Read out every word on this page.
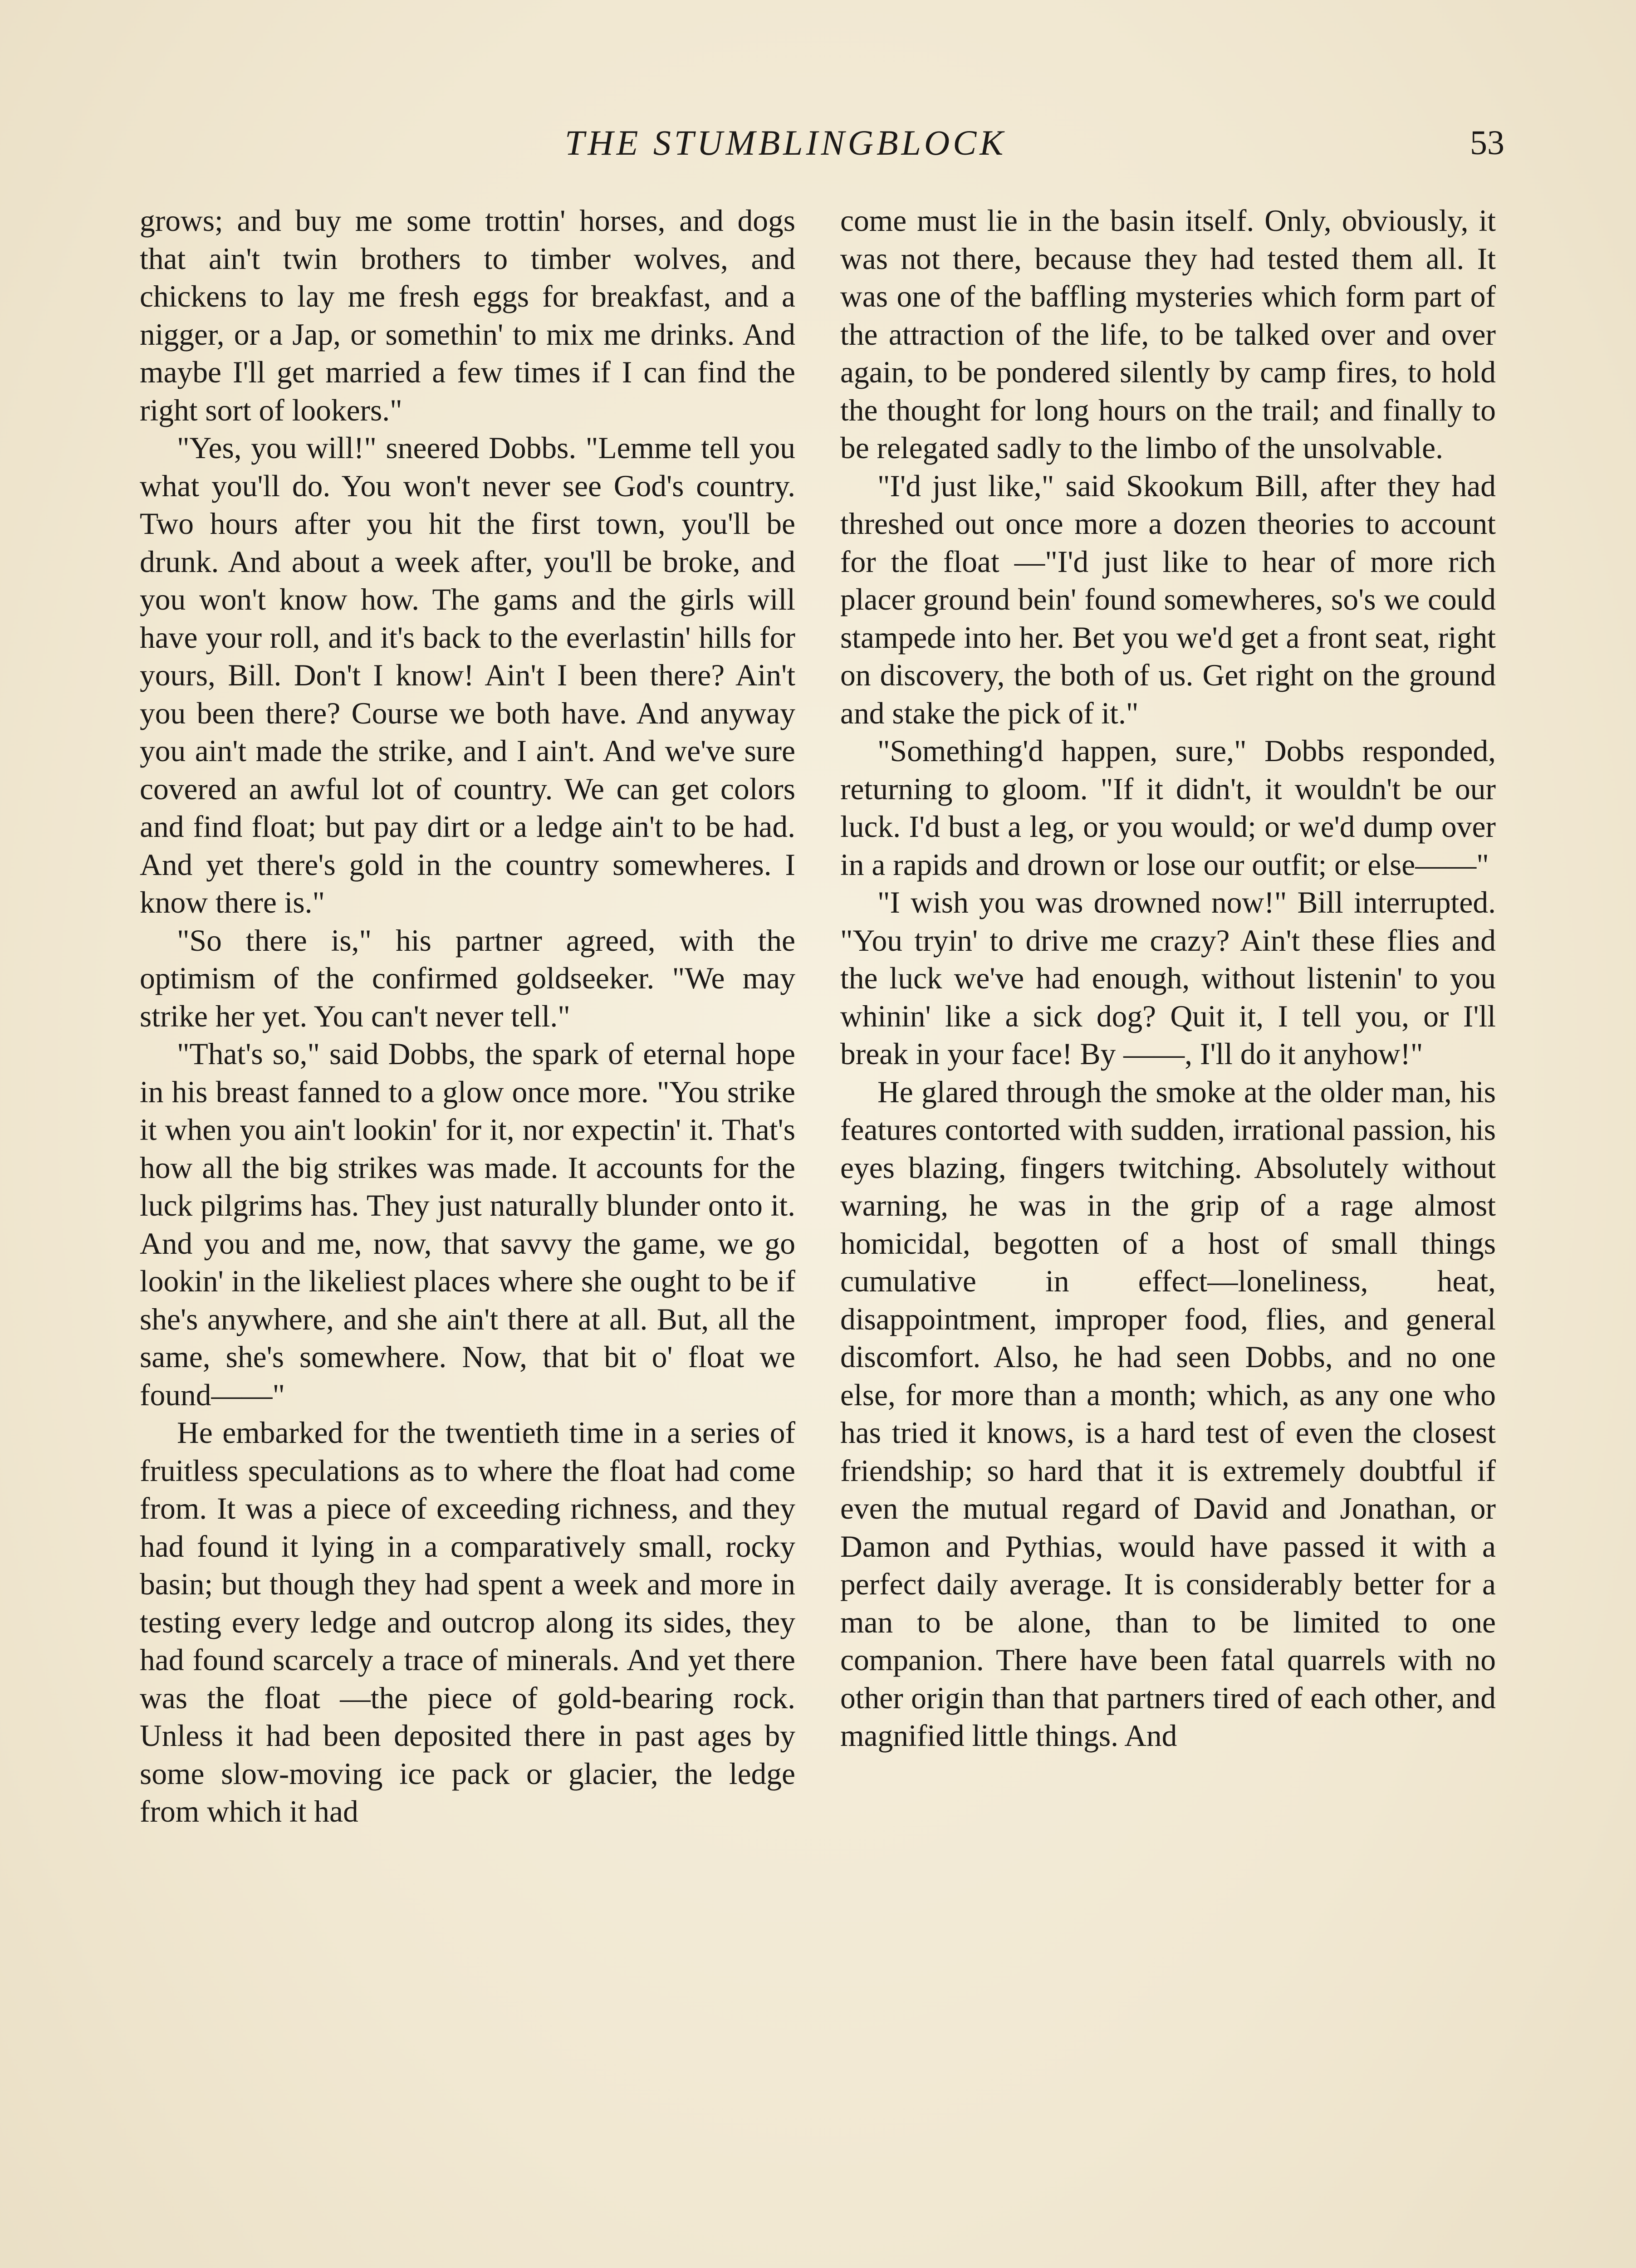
THE STUMBLINGBLOCK	53

grows; and buy me some trottin' horses, and dogs that ain't twin brothers to timber wolves, and chickens to lay me fresh eggs for breakfast, and a nigger, or a Jap, or somethin' to mix me drinks. And maybe I'll get married a few times if I can find the right sort of lookers."

"Yes, you will!" sneered Dobbs. "Lemme tell you what you'll do. You won't never see God's country. Two hours after you hit the first town, you'll be drunk. And about a week after, you'll be broke, and you won't know how. The gams and the girls will have your roll, and it's back to the everlastin' hills for yours, Bill. Don't I know! Ain't I been there? Ain't you been there? Course we both have. And anyway you ain't made the strike, and I ain't. And we've sure covered an awful lot of country. We can get colors and find float; but pay dirt or a ledge ain't to be had. And yet there's gold in the country somewheres. I know there is."

"So there is," his partner agreed, with the optimism of the confirmed goldseeker. "We may strike her yet. You can't never tell."

"That's so," said Dobbs, the spark of eternal hope in his breast fanned to a glow once more. "You strike it when you ain't lookin' for it, nor expectin' it. That's how all the big strikes was made. It accounts for the luck pilgrims has. They just naturally blunder onto it. And you and me, now, that savvy the game, we go lookin' in the likeliest places where she ought to be if she's anywhere, and she ain't there at all. But, all the same, she's somewhere. Now, that bit o' float we found——"

He embarked for the twentieth time in a series of fruitless speculations as to where the float had come from. It was a piece of exceeding richness, and they had found it lying in a comparatively small, rocky basin; but though they had spent a week and more in testing every ledge and outcrop along its sides, they had found scarcely a trace of minerals. And yet there was the float —the piece of gold-bearing rock. Unless it had been deposited there in past ages by some slow-moving ice pack or glacier, the ledge from which it had

come must lie in the basin itself. Only, obviously, it was not there, because they had tested them all. It was one of the baffling mysteries which form part of the attraction of the life, to be talked over and over again, to be pondered silently by camp fires, to hold the thought for long hours on the trail; and finally to be relegated sadly to the limbo of the unsolvable.

"I'd just like," said Skookum Bill, after they had threshed out once more a dozen theories to account for the float —"I'd just like to hear of more rich placer ground bein' found somewheres, so's we could stampede into her. Bet you we'd get a front seat, right on discovery, the both of us. Get right on the ground and stake the pick of it."

"Something'd happen, sure," Dobbs responded, returning to gloom. "If it didn't, it wouldn't be our luck. I'd bust a leg, or you would; or we'd dump over in a rapids and drown or lose our outfit; or else——"

"I wish you was drowned now!" Bill interrupted. "You tryin' to drive me crazy? Ain't these flies and the luck we've had enough, without listenin' to you whinin' like a sick dog? Quit it, I tell you, or I'll break in your face! By ——, I'll do it anyhow!"

He glared through the smoke at the older man, his features contorted with sudden, irrational passion, his eyes blazing, fingers twitching. Absolutely without warning, he was in the grip of a rage almost homicidal, begotten of a host of small things cumulative in effect—loneliness, heat, disappointment, improper food, flies, and general discomfort. Also, he had seen Dobbs, and no one else, for more than a month; which, as any one who has tried it knows, is a hard test of even the closest friendship; so hard that it is extremely doubtful if even the mutual regard of David and Jonathan, or Damon and Pythias, would have passed it with a perfect daily average. It is considerably better for a man to be alone, than to be limited to one companion. There have been fatal quarrels with no other origin than that partners tired of each other, and magnified little things. And
